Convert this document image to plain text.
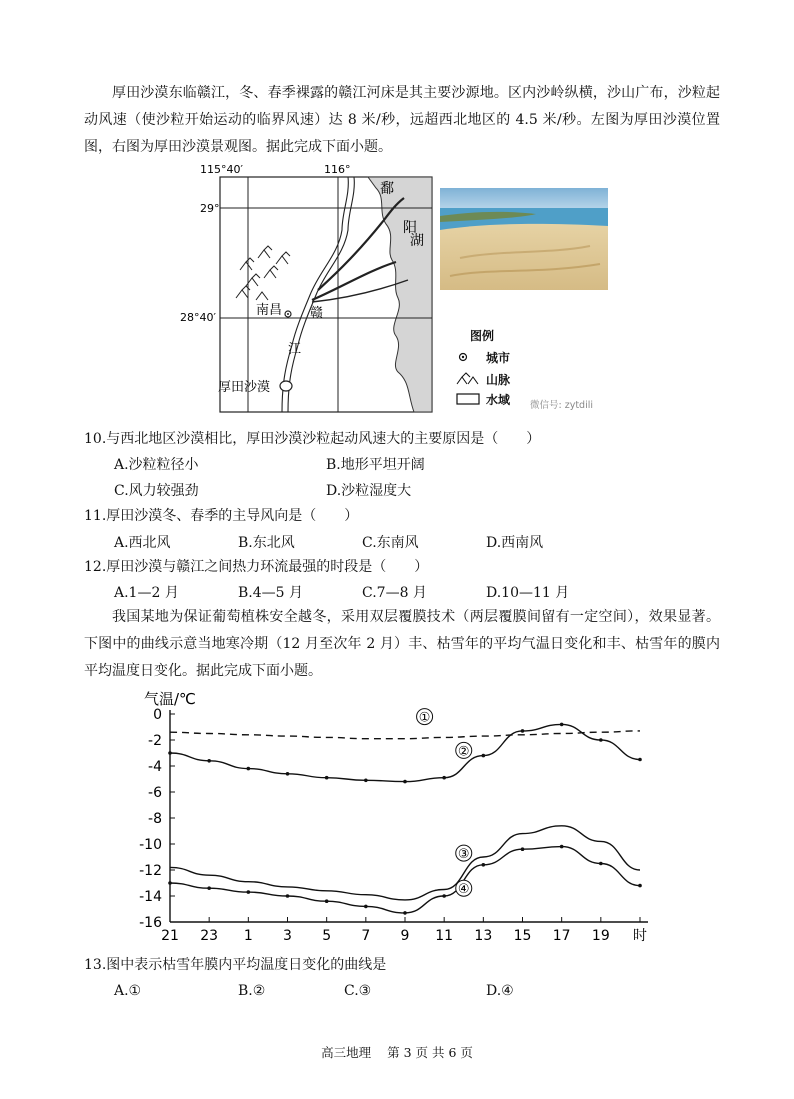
厚田沙漠东临赣江，冬、春季裸露的赣江河床是其主要沙源地。区内沙岭纵横，沙山广布，沙粒起动风速（使沙粒开始运动的临界风速）达 8 米/秒，远超西北地区的 4.5 米/秒。左图为厚田沙漠位置图，右图为厚田沙漠景观图。据此完成下面小题。
115°40′	116°
29°
28°40′
鄱
阳
湖
南昌 赣
江
厚田沙漠
图例
城市
山脉
水域 微信号: zytdili
10.与西北地区沙漠相比，厚田沙漠沙粒起动风速大的主要原因是（　　）
A.沙粒粒径小	B.地形平坦开阔
C.风力较强劲	D.沙粒湿度大
11.厚田沙漠冬、春季的主导风向是（　　）
A.西北风	B.东北风	C.东南风	D.西南风
12.厚田沙漠与赣江之间热力环流最强的时段是（　　）
A.1—2 月	B.4—5 月	C.7—8 月	D.10—11 月
我国某地为保证葡萄植株安全越冬，采用双层覆膜技术（两层覆膜间留有一定空间），效果显著。下图中的曲线示意当地寒冷期（12 月至次年 2 月）丰、枯雪年的平均气温日变化和丰、枯雪年的膜内平均温度日变化。据此完成下面小题。
0
-2
-4
-6
-8
-10
-12
-14
-16
21 23 1 3 5 7 9 11 13 15 17 19 时
气温/℃
①
②
③
④
13.图中表示枯雪年膜内平均温度日变化的曲线是
A.①	B.②	C.③	D.④
高三地理 第 3 页 共 6 页
